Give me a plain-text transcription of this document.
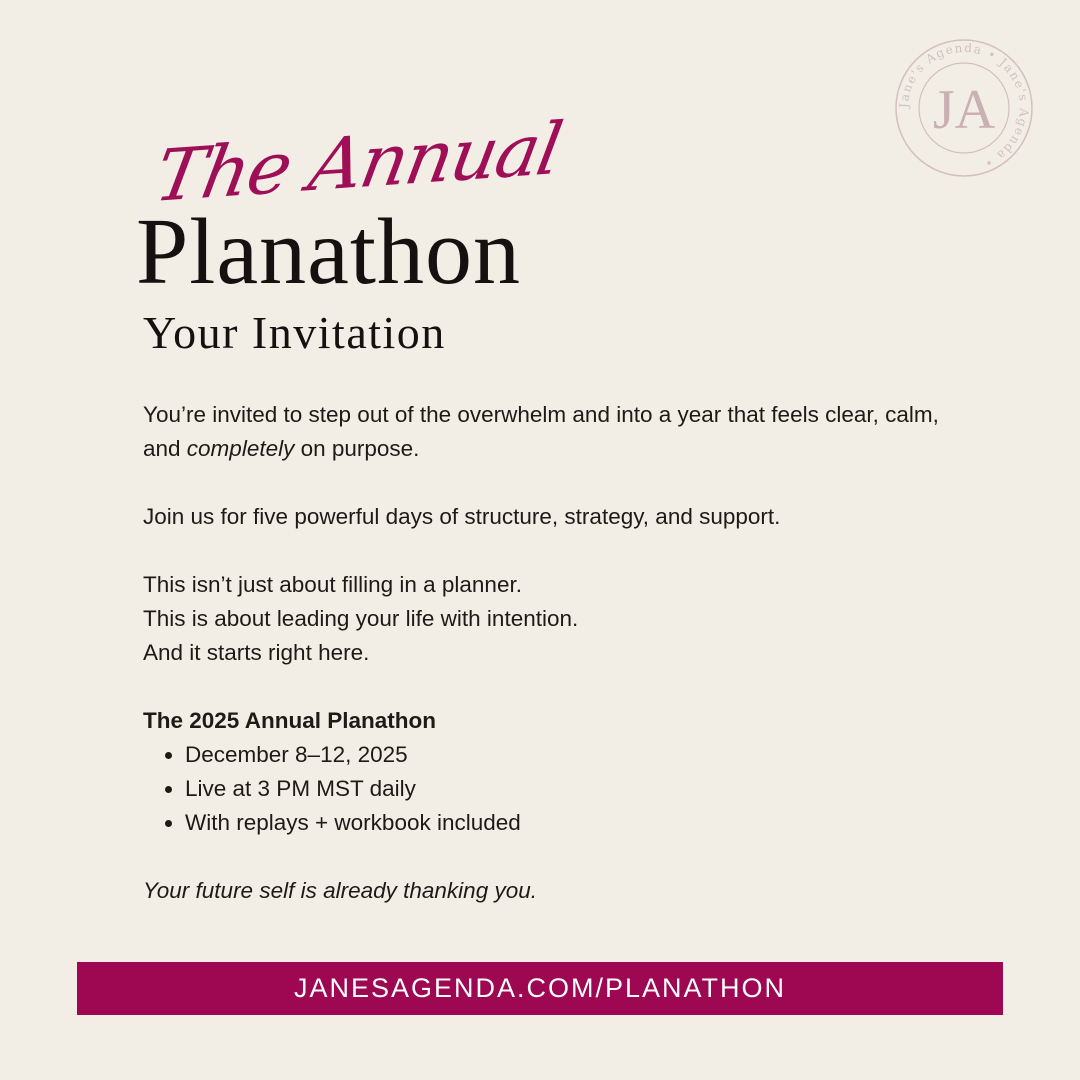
Jane's Agenda • Jane's Agenda •
JA
The Annual
Planathon
Your Invitation

You’re invited to step out of the overwhelm and into a year that feels clear, calm, and completely on purpose.

Join us for five powerful days of structure, strategy, and support.

This isn’t just about filling in a planner.

This is about leading your life with intention.

And it starts right here.

The 2025 Annual Planathon

• December 8–12, 2025
• Live at 3 PM MST daily
• With replays + workbook included

Your future self is already thanking you.

JANESAGENDA.COM/PLANATHON
